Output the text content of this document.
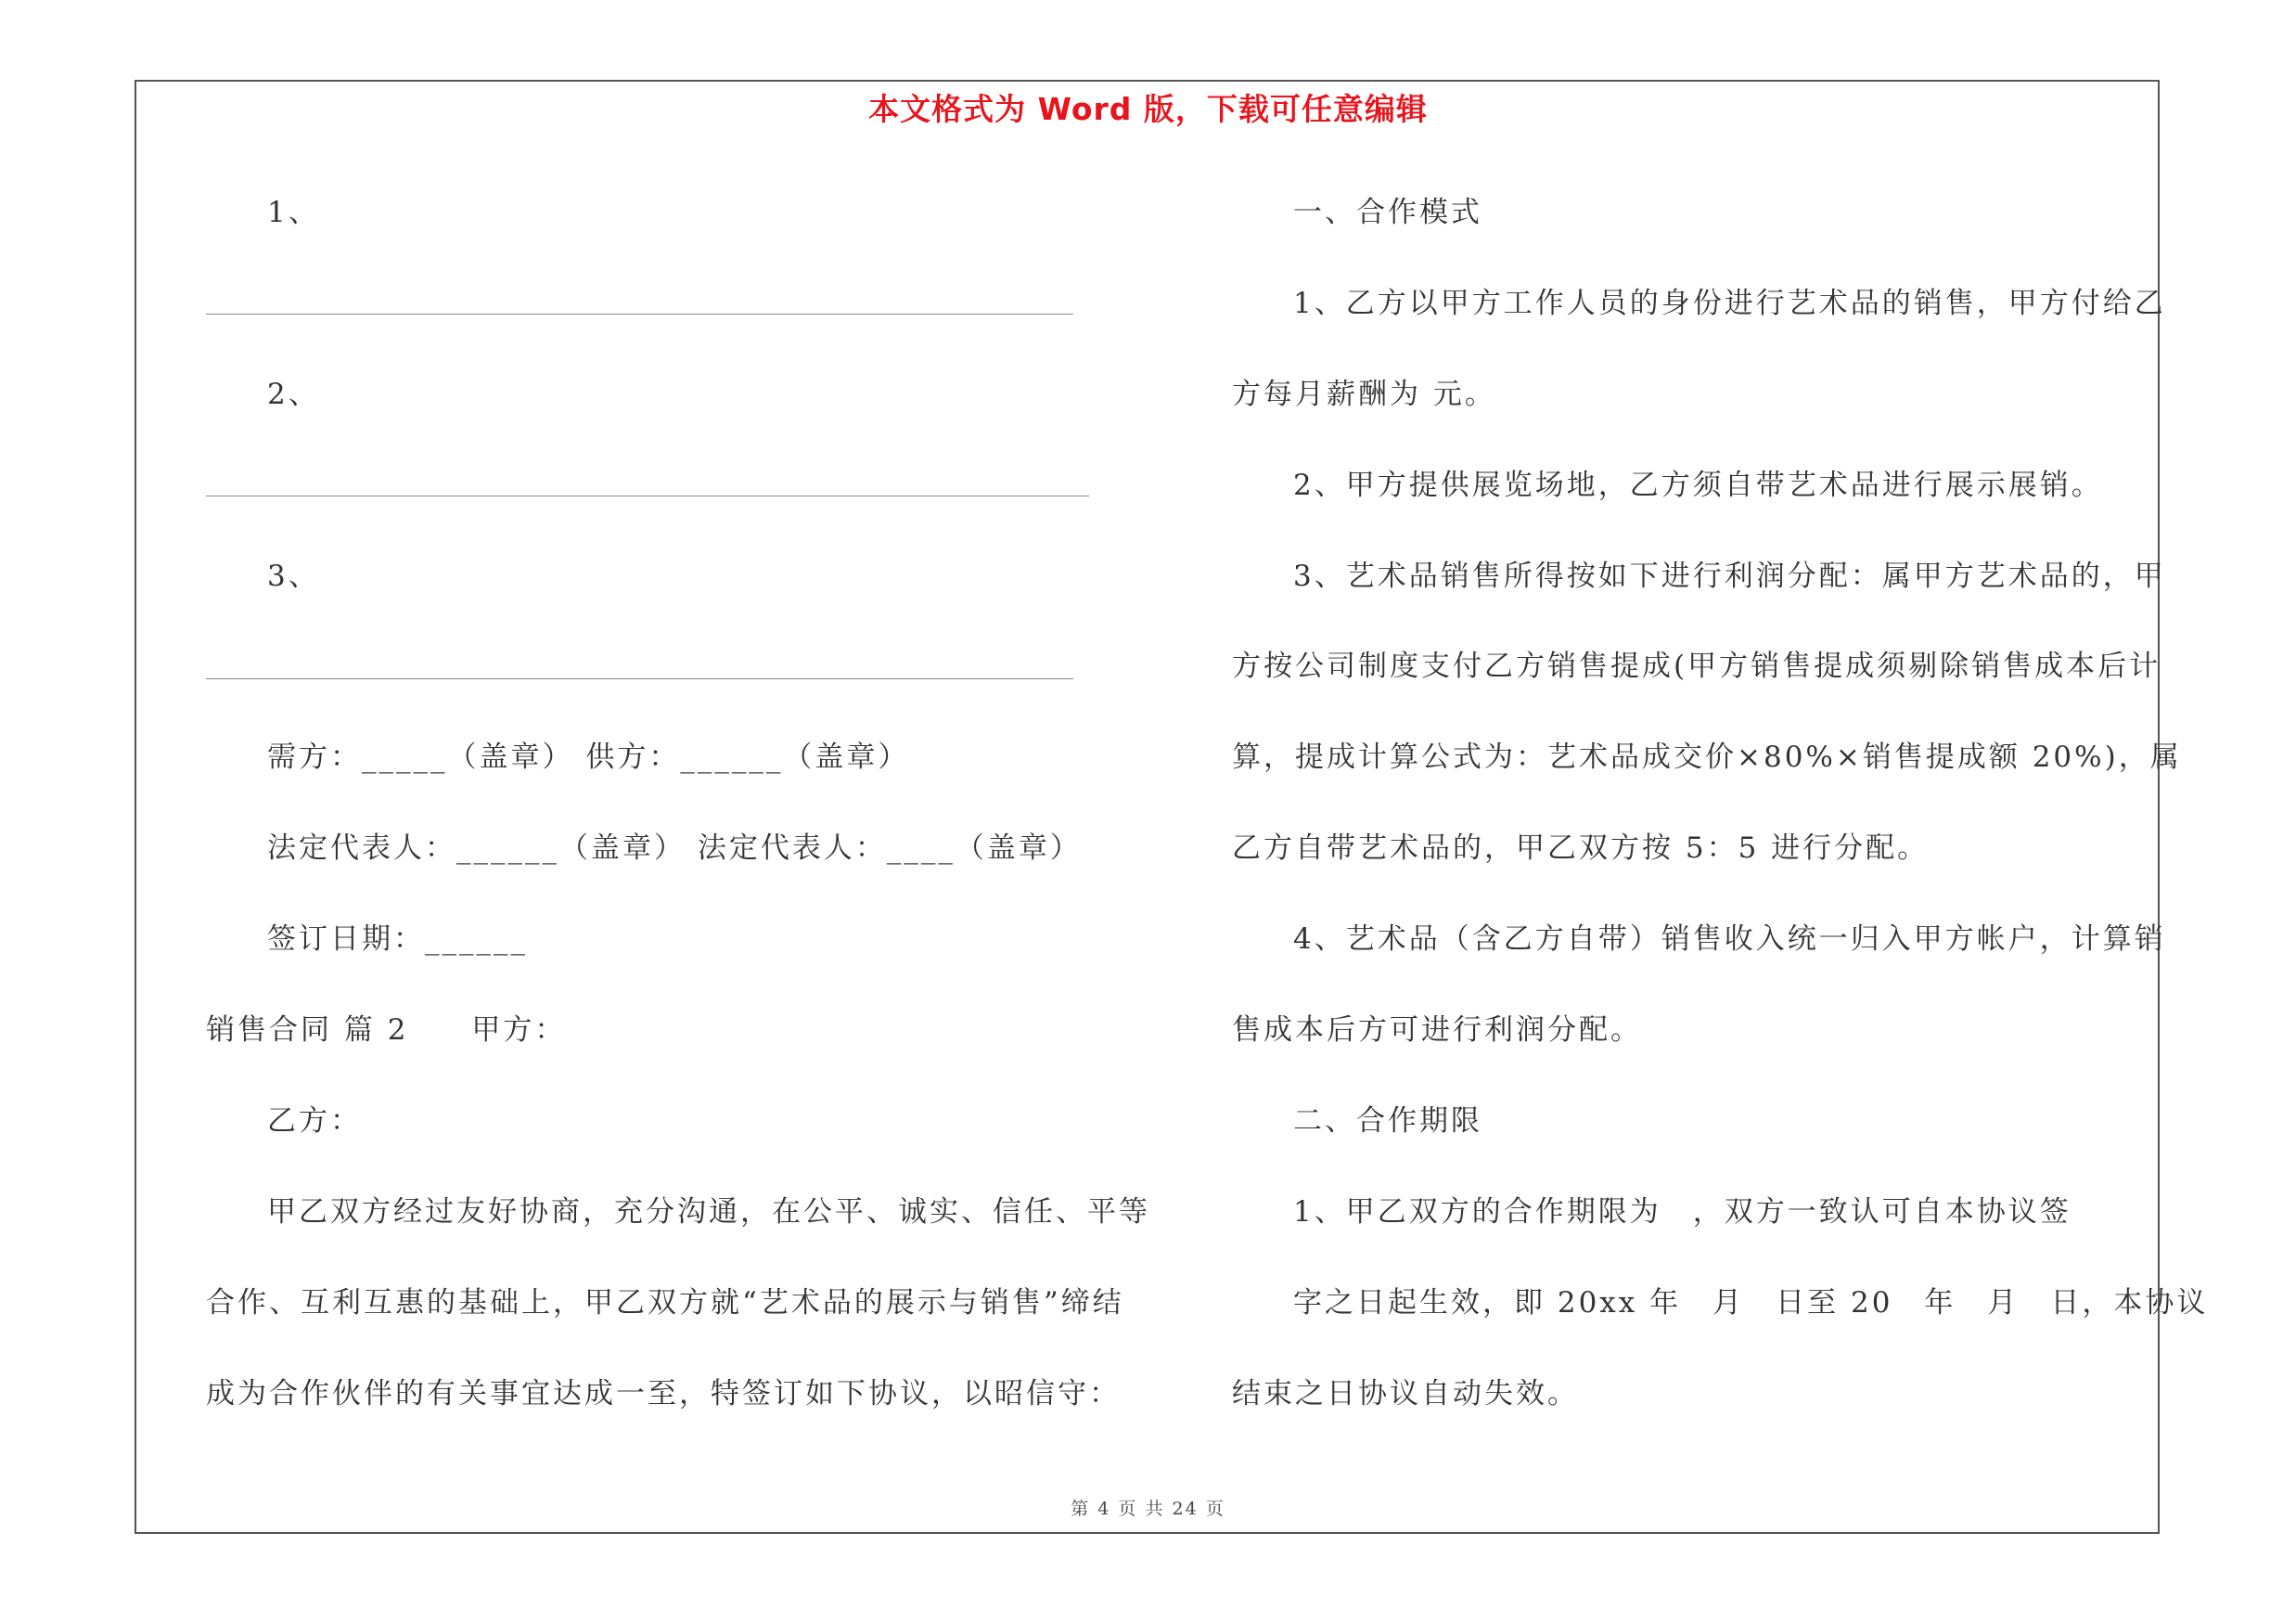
本文格式为 Word 版，下载可任意编辑
1、
2、
3、
需方：_____（盖章） 供方：______（盖章）
法定代表人：______（盖章） 法定代表人：____（盖章）
签订日期：______
销售合同 篇 2　　甲方：
乙方：
甲乙双方经过友好协商，充分沟通，在公平、诚实、信任、平等
合作、互利互惠的基础上，甲乙双方就“艺术品的展示与销售”缔结
成为合作伙伴的有关事宜达成一至，特签订如下协议，以昭信守：
一、合作模式
1、乙方以甲方工作人员的身份进行艺术品的销售，甲方付给乙
方每月薪酬为 元。
2、甲方提供展览场地，乙方须自带艺术品进行展示展销。
3、艺术品销售所得按如下进行利润分配：属甲方艺术品的，甲
方按公司制度支付乙方销售提成(甲方销售提成须剔除销售成本后计
算，提成计算公式为：艺术品成交价×80%×销售提成额 20%)，属
乙方自带艺术品的，甲乙双方按 5：5 进行分配。
4、艺术品（含乙方自带）销售收入统一归入甲方帐户，计算销
售成本后方可进行利润分配。
二、合作期限
1、甲乙双方的合作期限为　，双方一致认可自本协议签
字之日起生效，即 20xx 年　月　日至 20　年　月　日，本协议
结束之日协议自动失效。
第 4 页 共 24 页
